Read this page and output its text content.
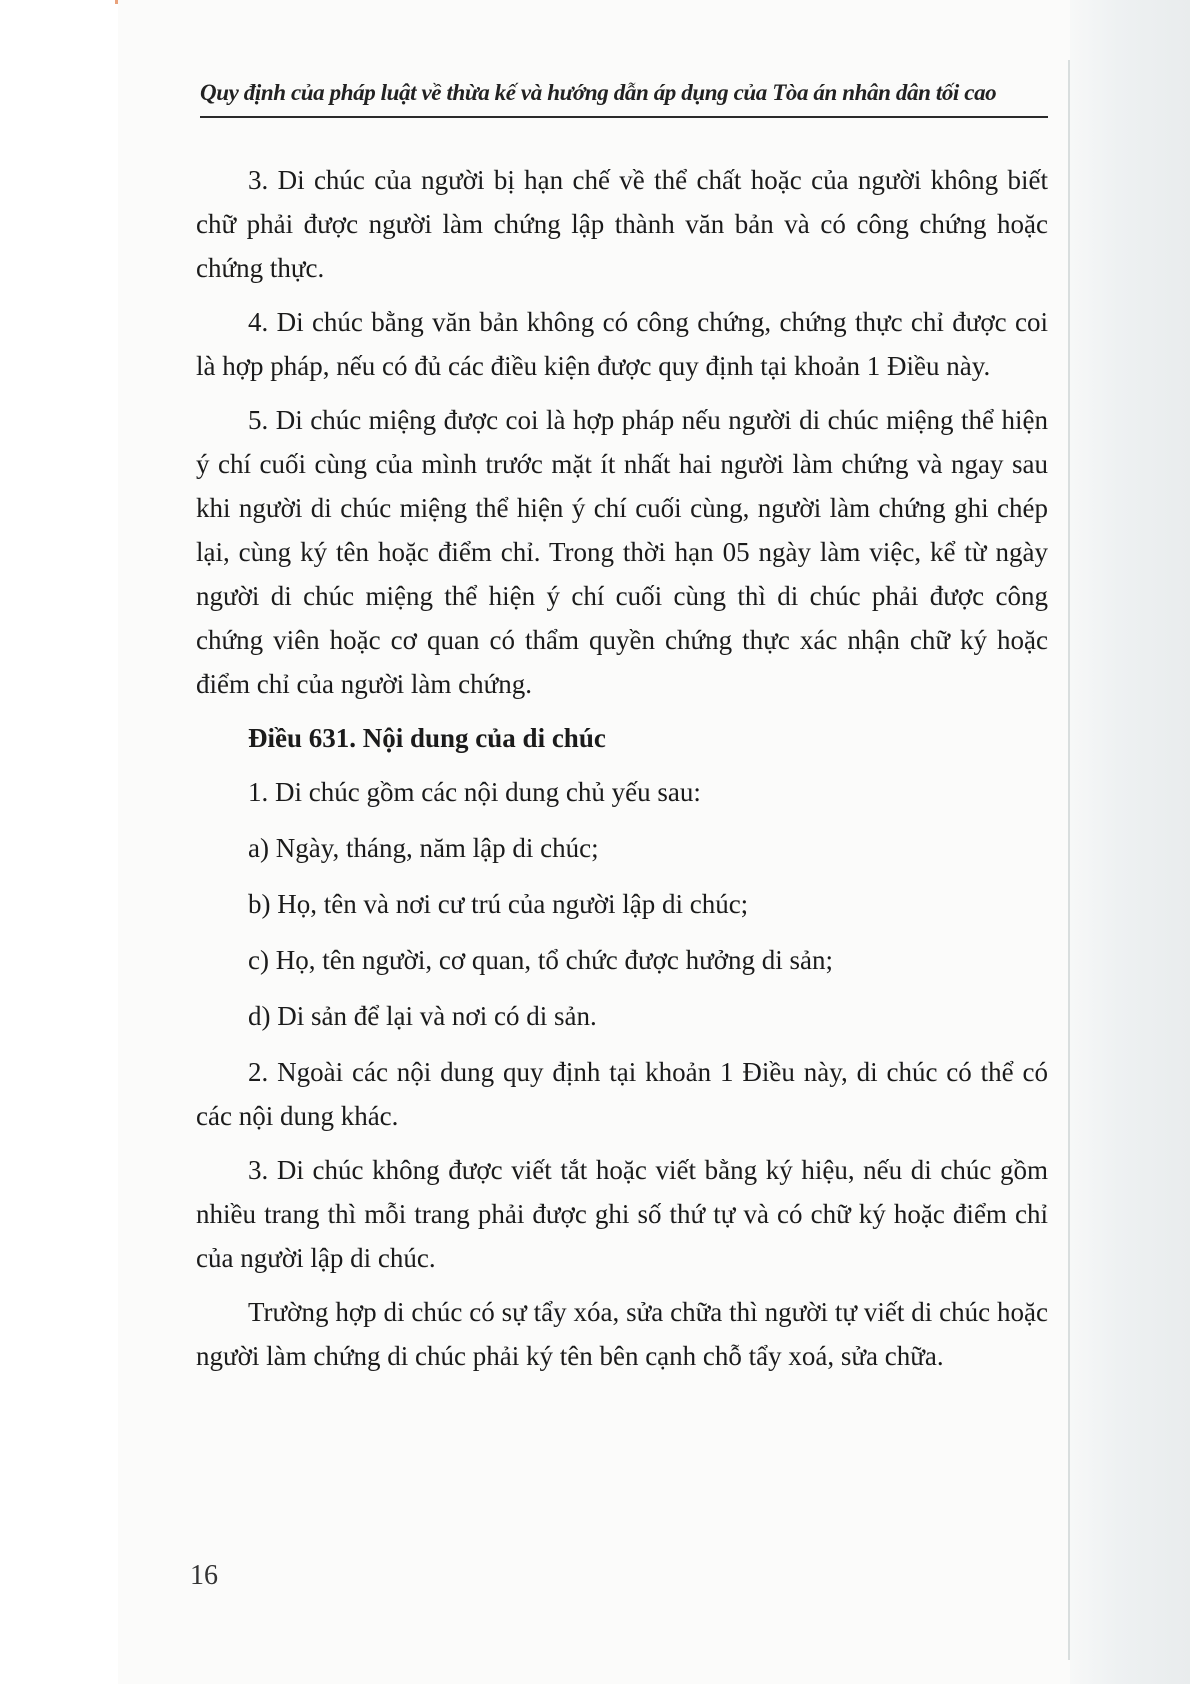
Quy định của pháp luật về thừa kế và hướng dẫn áp dụng của Tòa án nhân dân tối cao

3. Di chúc của người bị hạn chế về thể chất hoặc của người không biết chữ phải được người làm chứng lập thành văn bản và có công chứng hoặc chứng thực.

4. Di chúc bằng văn bản không có công chứng, chứng thực chỉ được coi là hợp pháp, nếu có đủ các điều kiện được quy định tại khoản 1 Điều này.

5. Di chúc miệng được coi là hợp pháp nếu người di chúc miệng thể hiện ý chí cuối cùng của mình trước mặt ít nhất hai người làm chứng và ngay sau khi người di chúc miệng thể hiện ý chí cuối cùng, người làm chứng ghi chép lại, cùng ký tên hoặc điểm chỉ. Trong thời hạn 05 ngày làm việc, kể từ ngày người di chúc miệng thể hiện ý chí cuối cùng thì di chúc phải được công chứng viên hoặc cơ quan có thẩm quyền chứng thực xác nhận chữ ký hoặc điểm chỉ của người làm chứng.

Điều 631. Nội dung của di chúc

1. Di chúc gồm các nội dung chủ yếu sau:

a) Ngày, tháng, năm lập di chúc;

b) Họ, tên và nơi cư trú của người lập di chúc;

c) Họ, tên người, cơ quan, tổ chức được hưởng di sản;

d) Di sản để lại và nơi có di sản.

2. Ngoài các nội dung quy định tại khoản 1 Điều này, di chúc có thể có các nội dung khác.

3. Di chúc không được viết tắt hoặc viết bằng ký hiệu, nếu di chúc gồm nhiều trang thì mỗi trang phải được ghi số thứ tự và có chữ ký hoặc điểm chỉ của người lập di chúc.

Trường hợp di chúc có sự tẩy xóa, sửa chữa thì người tự viết di chúc hoặc người làm chứng di chúc phải ký tên bên cạnh chỗ tẩy xoá, sửa chữa.

16
